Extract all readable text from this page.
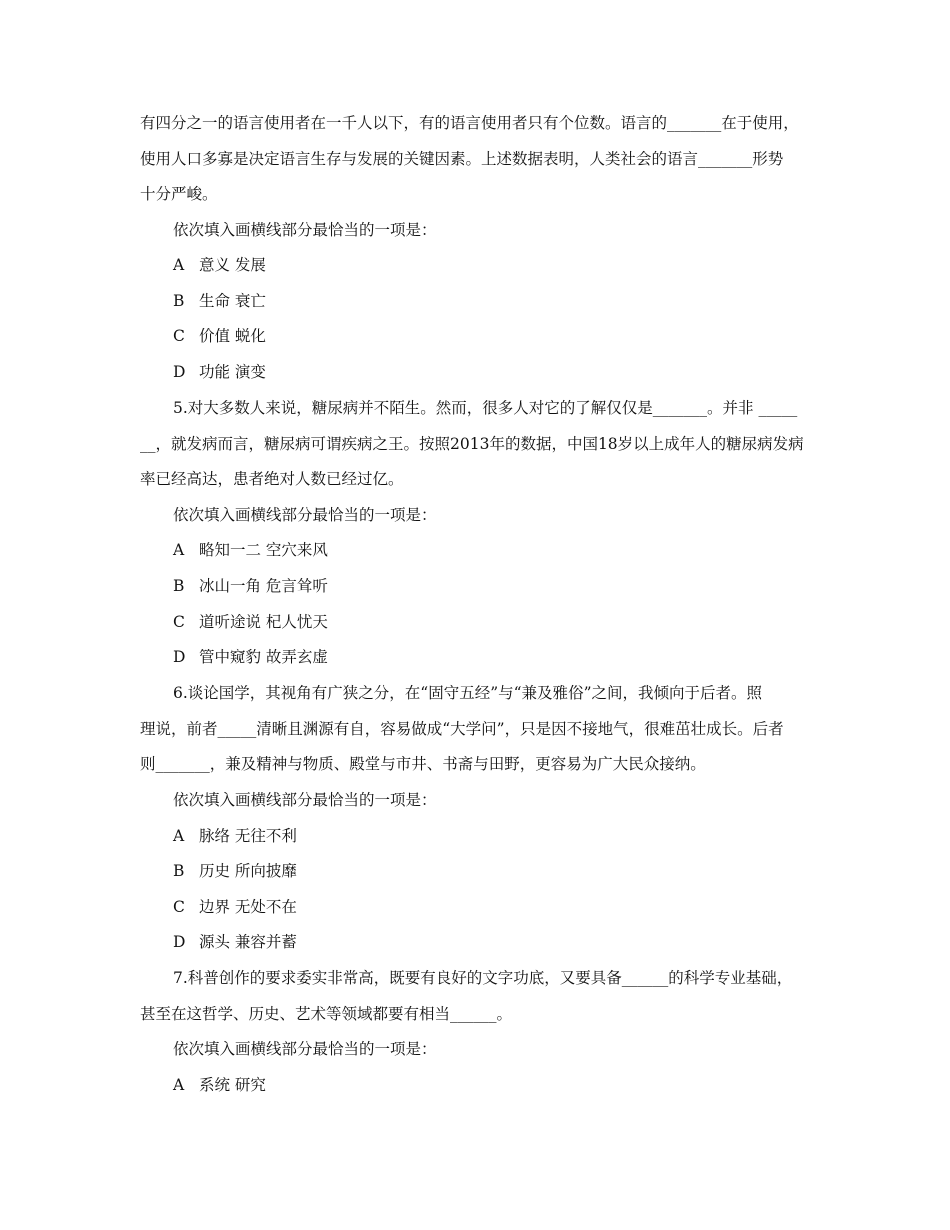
有四分之一的语言使用者在一千人以下，有的语言使用者只有个位数。语言的_______在于使用，
使用人口多寡是决定语言生存与发展的关键因素。上述数据表明，人类社会的语言_______形势
十分严峻。
依次填入画横线部分最恰当的一项是：
A 意义 发展
B 生命 衰亡
C 价值 蜕化
D 功能 演变
5.对大多数人来说，糖尿病并不陌生。然而，很多人对它的了解仅仅是_______。并非 _____
__，就发病而言，糖尿病可谓疾病之王。按照2013年的数据，中国18岁以上成年人的糖尿病发病
率已经高达，患者绝对人数已经过亿。
依次填入画横线部分最恰当的一项是：
A 略知一二 空穴来风
B 冰山一角 危言耸听
C 道听途说 杞人忧天
D 管中窥豹 故弄玄虚
6.谈论国学，其视角有广狭之分，在“固守五经”与“兼及雅俗”之间，我倾向于后者。照
理说，前者_____清晰且渊源有自，容易做成“大学问”，只是因不接地气，很难茁壮成长。后者
则_______，兼及精神与物质、殿堂与市井、书斋与田野，更容易为广大民众接纳。
依次填入画横线部分最恰当的一项是：
A 脉络 无往不利
B 历史 所向披靡
C 边界 无处不在
D 源头 兼容并蓄
7.科普创作的要求委实非常高，既要有良好的文字功底，又要具备______的科学专业基础，
甚至在这哲学、历史、艺术等领域都要有相当______。
依次填入画横线部分最恰当的一项是：
A 系统 研究
